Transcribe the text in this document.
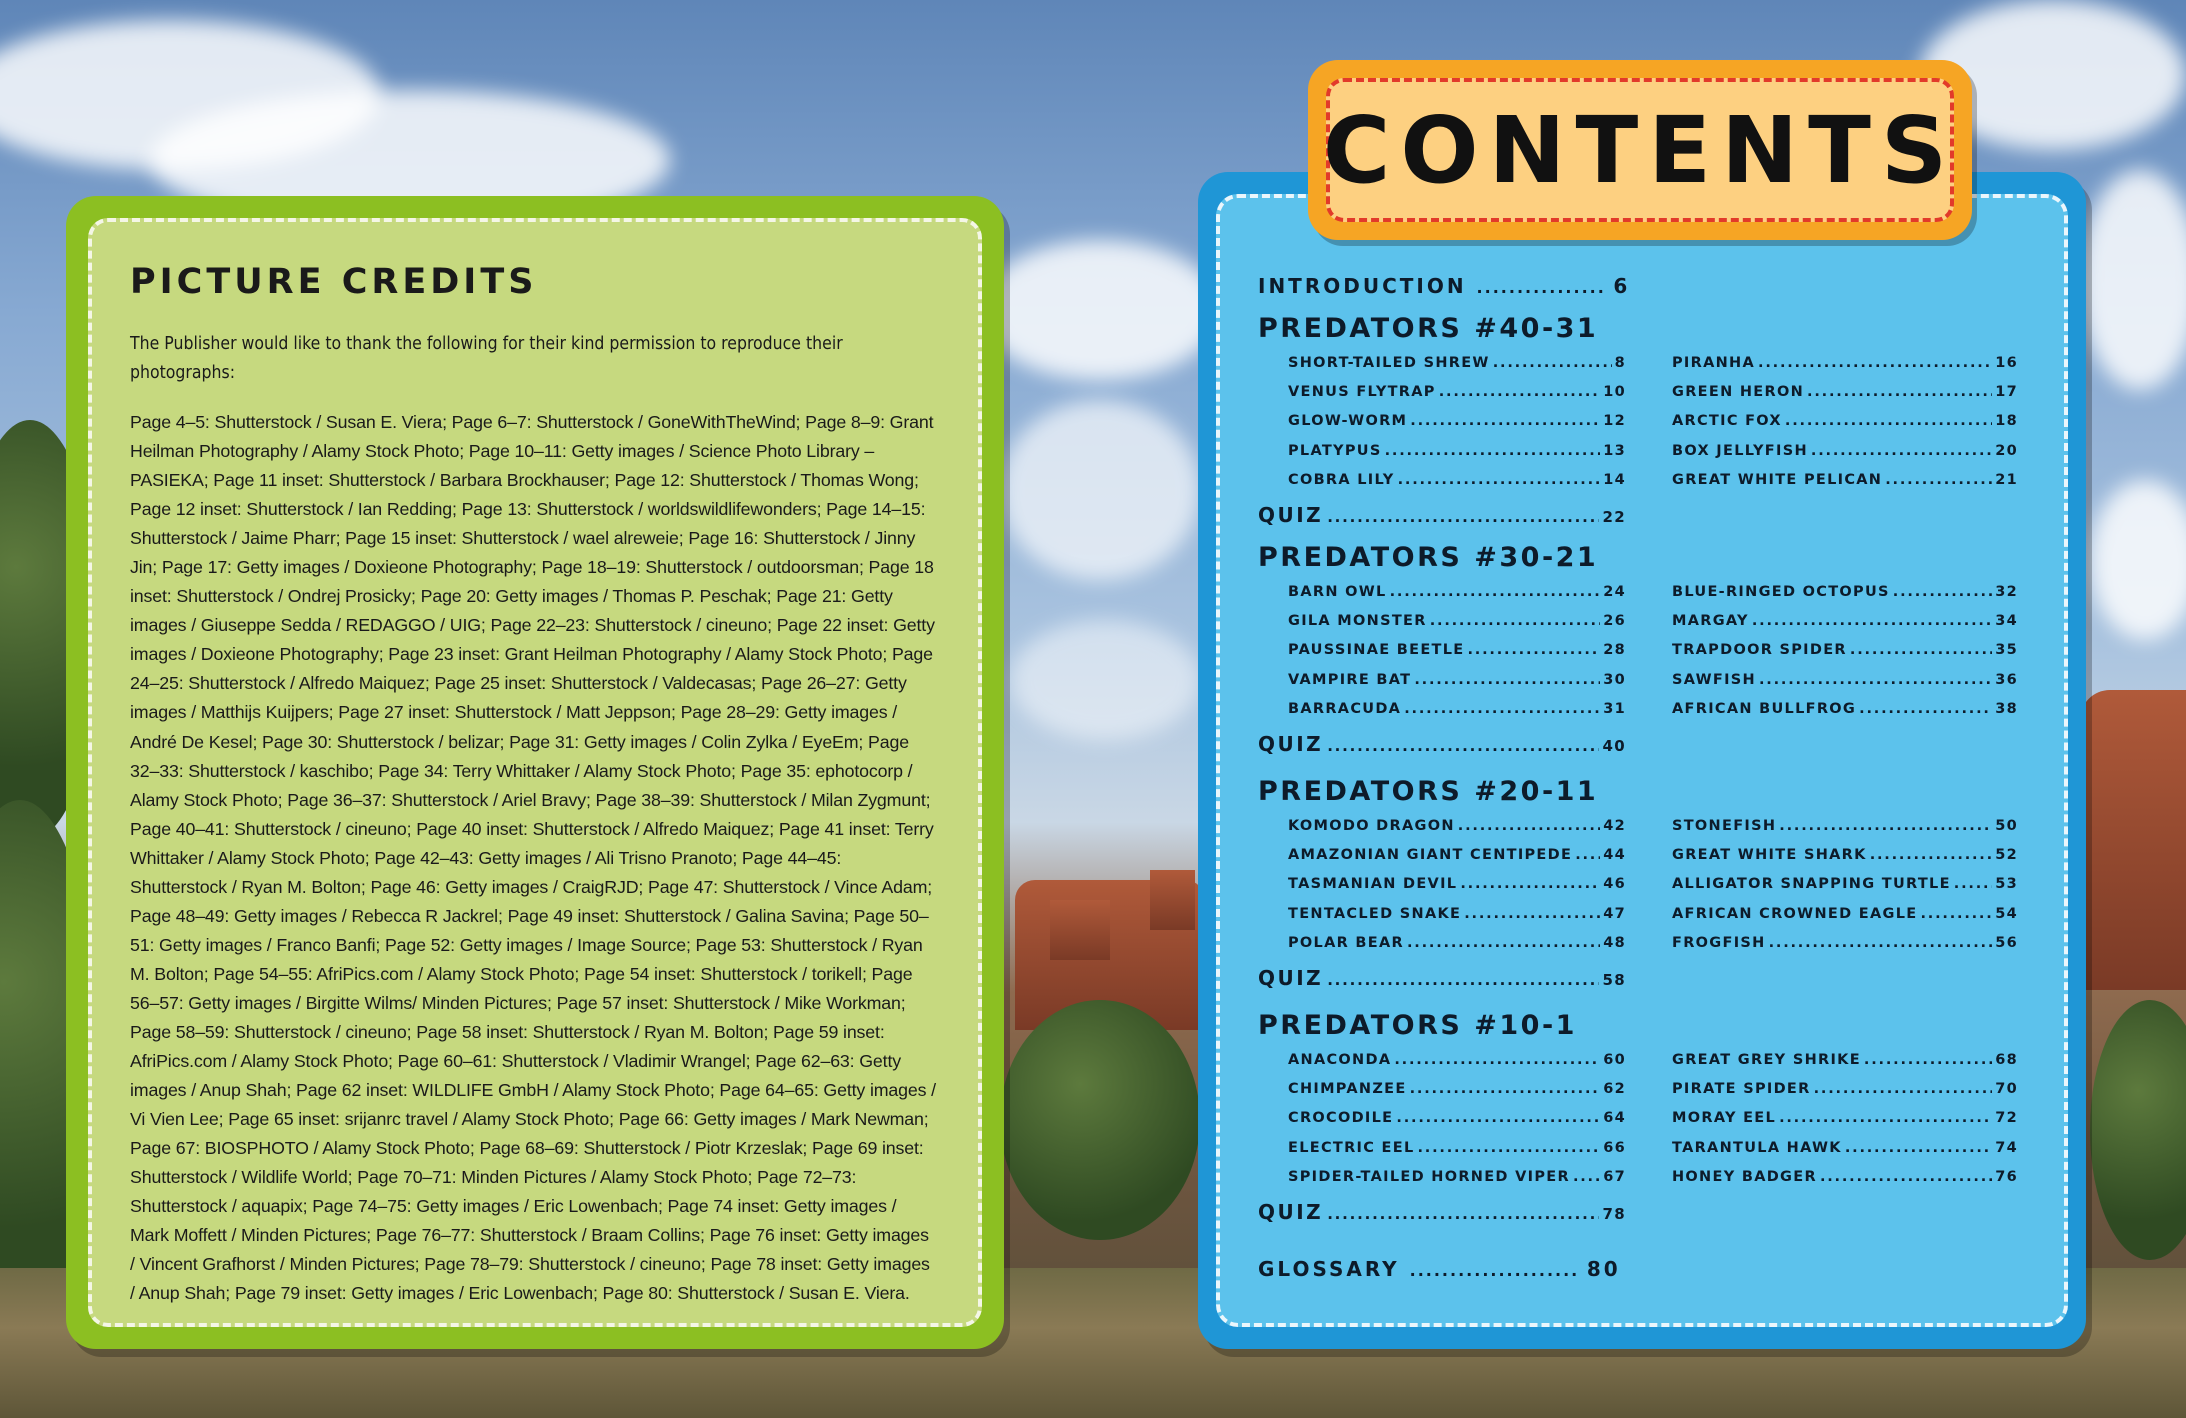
PICTURE CREDITS

The Publisher would like to thank the following for their kind permission to reproduce their photographs:

Page 4–5: Shutterstock / Susan E. Viera; Page 6–7: Shutterstock / GoneWithTheWind; Page 8–9: Grant Heilman Photography / Alamy Stock Photo; Page 10–11: Getty images / Science Photo Library – PASIEKA; Page 11 inset: Shutterstock / Barbara Brockhauser; Page 12: Shutterstock / Thomas Wong; Page 12 inset: Shutterstock / Ian Redding; Page 13: Shutterstock / worldswildlifewonders; Page 14–15: Shutterstock / Jaime Pharr; Page 15 inset: Shutterstock / wael alreweie; Page 16: Shutterstock / Jinny Jin; Page 17: Getty images / Doxieone Photography; Page 18–19: Shutterstock / outdoorsman; Page 18 inset: Shutterstock / Ondrej Prosicky; Page 20: Getty images / Thomas P. Peschak; Page 21: Getty images / Giuseppe Sedda / REDAGGO / UIG; Page 22–23: Shutterstock / cineuno; Page 22 inset: Getty images / Doxieone Photography; Page 23 inset: Grant Heilman Photography / Alamy Stock Photo; Page 24–25: Shutterstock / Alfredo Maiquez; Page 25 inset: Shutterstock / Valdecasas; Page 26–27: Getty images / Matthijs Kuijpers; Page 27 inset: Shutterstock / Matt Jeppson; Page 28–29: Getty images / André De Kesel; Page 30: Shutterstock / belizar; Page 31: Getty images / Colin Zylka / EyeEm; Page 32–33: Shutterstock / kaschibo; Page 34: Terry Whittaker / Alamy Stock Photo; Page 35: ephotocorp / Alamy Stock Photo; Page 36–37: Shutterstock / Ariel Bravy; Page 38–39: Shutterstock / Milan Zygmunt; Page 40–41: Shutterstock / cineuno; Page 40 inset: Shutterstock / Alfredo Maiquez; Page 41 inset: Terry Whittaker / Alamy Stock Photo; Page 42–43: Getty images / Ali Trisno Pranoto; Page 44–45: Shutterstock / Ryan M. Bolton; Page 46: Getty images / CraigRJD; Page 47: Shutterstock / Vince Adam; Page 48–49: Getty images / Rebecca R Jackrel; Page 49 inset: Shutterstock / Galina Savina; Page 50–51: Getty images / Franco Banfi; Page 52: Getty images / Image Source; Page 53: Shutterstock / Ryan M. Bolton; Page 54–55: AfriPics.com / Alamy Stock Photo; Page 54 inset: Shutterstock / torikell; Page 56–57: Getty images / Birgitte Wilms/ Minden Pictures; Page 57 inset: Shutterstock / Mike Workman; Page 58–59: Shutterstock / cineuno; Page 58 inset: Shutterstock / Ryan M. Bolton; Page 59 inset: AfriPics.com / Alamy Stock Photo; Page 60–61: Shutterstock / Vladimir Wrangel; Page 62–63: Getty images / Anup Shah; Page 62 inset: WILDLIFE GmbH / Alamy Stock Photo; Page 64–65: Getty images / Vi Vien Lee; Page 65 inset: srijanrc travel / Alamy Stock Photo; Page 66: Getty images / Mark Newman; Page 67: BIOSPHOTO / Alamy Stock Photo; Page 68–69: Shutterstock / Piotr Krzeslak; Page 69 inset: Shutterstock / Wildlife World; Page 70–71: Minden Pictures / Alamy Stock Photo; Page 72–73: Shutterstock / aquapix; Page 74–75: Getty images / Eric Lowenbach; Page 74 inset: Getty images / Mark Moffett / Minden Pictures; Page 76–77: Shutterstock / Braam Collins; Page 76 inset: Getty images / Vincent Grafhorst / Minden Pictures; Page 78–79: Shutterstock / cineuno; Page 78 inset: Getty images / Anup Shah; Page 79 inset: Getty images / Eric Lowenbach; Page 80: Shutterstock / Susan E. Viera.

CONTENTS
INTRODUCTION ................ 6
GLOSSARY ..................... 80
PREDATORS #40-31
SHORT-TAILED SHREW .....	8
VENUS FLYTRAP .....	10
GLOW-WORM .....	12
PLATYPUS .....	13
COBRA LILY .....	14
PIRANHA .....	16
GREEN HERON .....	17
ARCTIC FOX .....	18
BOX JELLYFISH .....	20
GREAT WHITE PELICAN .....	21
QUIZ .....	22
PREDATORS #30-21
BARN OWL .....	24
GILA MONSTER .....	26
PAUSSINAE BEETLE .....	28
VAMPIRE BAT .....	30
BARRACUDA .....	31
BLUE-RINGED OCTOPUS .....	32
MARGAY .....	34
TRAPDOOR SPIDER .....	35
SAWFISH .....	36
AFRICAN BULLFROG .....	38
QUIZ .....	40
PREDATORS #20-11
KOMODO DRAGON .....	42
AMAZONIAN GIANT CENTIPEDE ..... 44
TASMANIAN DEVIL .....	46
TENTACLED SNAKE .....	47
POLAR BEAR .....	48
STONEFISH .....	50
GREAT WHITE SHARK .....	52
ALLIGATOR SNAPPING TURTLE .....	53
AFRICAN CROWNED EAGLE .....	54
FROGFISH .....	56
QUIZ .....	58
PREDATORS #10-1
ANACONDA .....	60
CHIMPANZEE .....	62
CROCODILE .....	64
ELECTRIC EEL .....	66
SPIDER-TAILED HORNED VIPER ..... 67
GREAT GREY SHRIKE .....	68
PIRATE SPIDER .....	70
MORAY EEL .....	72
TARANTULA HAWK .....	74
HONEY BADGER .....	76
QUIZ .....	78
